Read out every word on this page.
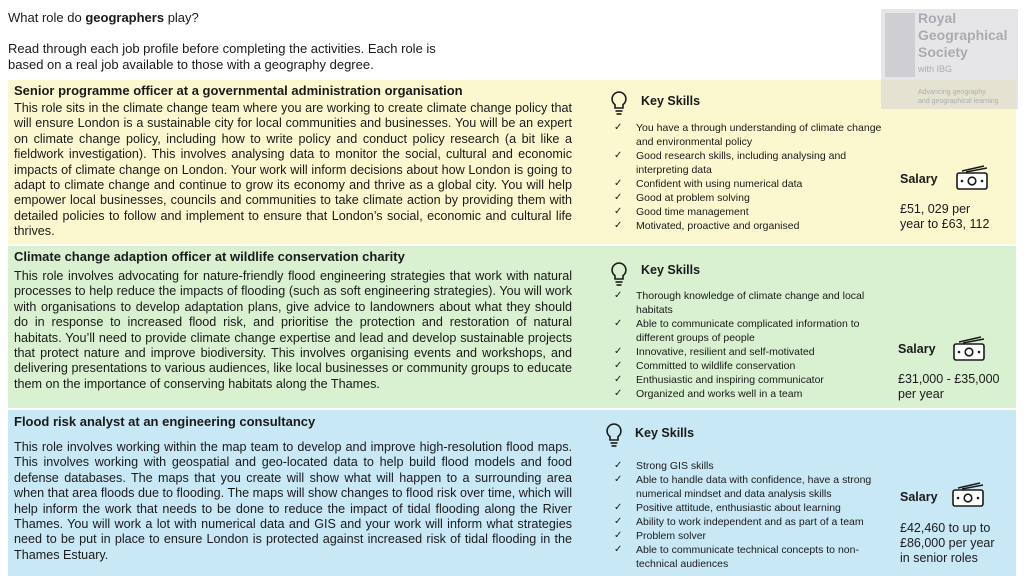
What role do geographers play?
Read through each job profile before completing the activities. Each role is based on a real job available to those with a geography degree.
Royal
Geographical
Society
with IBG
Advancing geography
and geographical learning
Senior programme officer at a governmental administration organisation
This role sits in the climate change team where you are working to create climate change policy that will ensure London is a sustainable city for local communities and businesses. You will be an expert on climate change policy, including how to write policy and conduct policy research (a bit like a fieldwork investigation). This involves analysing data to monitor the social, cultural and economic impacts of climate change on London. Your work will inform decisions about how London is going to adapt to climate change and continue to grow its economy and thrive as a global city. You will help empower local businesses, councils and communities to take climate action by providing them with detailed policies to follow and implement to ensure that London’s social, economic and cultural life thrives.
Key Skills
✓ You have a through understanding of climate change and environmental policy
✓ Good research skills, including analysing and interpreting data
✓ Confident with using numerical data
✓ Good at problem solving
✓ Good time management
✓ Motivated, proactive and organised
Salary
£51, 029 per
year to £63, 112
Climate change adaption officer at wildlife conservation charity
This role involves advocating for nature-friendly flood engineering strategies that work with natural processes to help reduce the impacts of flooding (such as soft engineering strategies). You will work with organisations to develop adaptation plans, give advice to landowners about what they should do in response to increased flood risk, and prioritise the protection and restoration of natural habitats. You’ll need to provide climate change expertise and lead and develop sustainable projects that protect nature and improve biodiversity. This involves organising events and workshops, and delivering presentations to various audiences, like local businesses or community groups to educate them on the importance of conserving habitats along the Thames.
Key Skills
✓ Thorough knowledge of climate change and local habitats
✓ Able to communicate complicated information to different groups of people
✓ Innovative, resilient and self-motivated
✓ Committed to wildlife conservation
✓ Enthusiastic and inspiring communicator
✓ Organized and works well in a team
Salary
£31,000 - £35,000
per year
Flood risk analyst at an engineering consultancy
This role involves working within the map team to develop and improve high-resolution flood maps. This involves working with geospatial and geo-located data to help build flood models and food defense databases. The maps that you create will show what will happen to a surrounding area when that area floods due to flooding. The maps will show changes to flood risk over time, which will help inform the work that needs to be done to reduce the impact of tidal flooding along the River Thames. You will work a lot with numerical data and GIS and your work will inform what strategies need to be put in place to ensure London is protected against increased risk of tidal flooding in the Thames Estuary.
Key Skills
✓ Strong GIS skills
✓ Able to handle data with confidence, have a strong numerical mindset and data analysis skills
✓ Positive attitude, enthusiastic about learning
✓ Ability to work independent and as part of a team
✓ Problem solver
✓ Able to communicate technical concepts to non-technical audiences
Salary
£42,460 to up to
£86,000 per year
in senior roles
